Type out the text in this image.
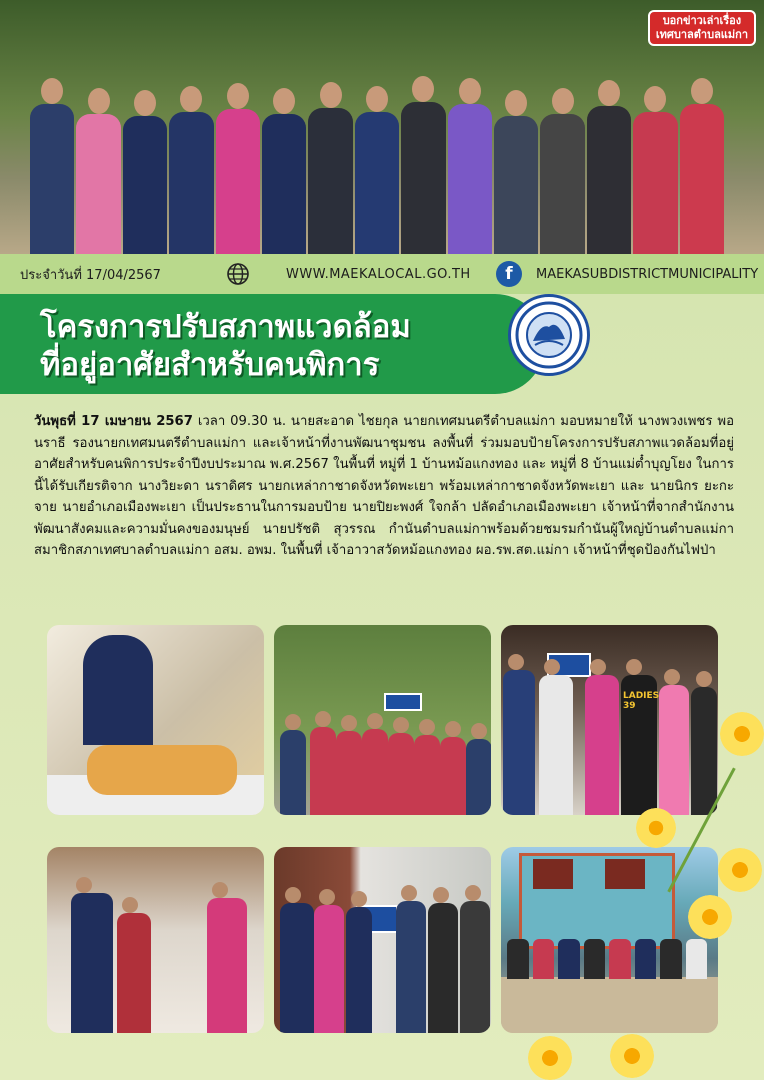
บอกข่าวเล่าเรื่อง
เทศบาลตำบลแม่กา
ประจำวันที่ 17/04/2567	WWW.MAEKALOCAL.GO.TH	f	MAEKASUBDISTRICTMUNICIPALITY
โครงการปรับสภาพแวดล้อม
ที่อยู่อาศัยสำหรับคนพิการ
วันพุธที่ 17 เมษายน 2567 เวลา 09.30 น. นายสะอาด ไชยกุล นายกเทศมนตรีตำบลแม่กา มอบหมายให้ นางพวงเพชร พอนราธี รองนายกเทศมนตรีตำบลแม่กา และเจ้าหน้าที่งานพัฒนาชุมชน ลงพื้นที่ ร่วมมอบป้ายโครงการปรับสภาพแวดล้อมที่อยู่อาศัยสำหรับคนพิการประจำปีงบประมาณ พ.ศ.2567 ในพื้นที่ หมู่ที่ 1 บ้านหม้อแกงทอง และ หมู่ที่ 8 บ้านแม่ต๋ำบุญโยง ในการนี้ได้รับเกียรติจาก นางวิยะดา นราดิศร นายกเหล่ากาชาดจังหวัดพะเยา พร้อมเหล่ากาชาดจังหวัดพะเยา และ นายนิกร ยะกะจาย นายอำเภอเมืองพะเยา เป็นประธานในการมอบป้าย นายปิยะพงศ์ ใจกล้า ปลัดอำเภอเมืองพะเยา เจ้าหน้าที่จากสำนักงานพัฒนาสังคมและความมั่นคงของมนุษย์ นายปรัชติ สุวรรณ กำนันตำบลแม่กาพร้อมด้วยชมรมกำนันผู้ใหญ่บ้านตำบลแม่กา สมาชิกสภาเทศบาลตำบลแม่กา อสม. อพม. ในพื้นที่ เจ้าอาวาสวัดหม้อแกงทอง ผอ.รพ.สต.แม่กา เจ้าหน้าที่ชุดป้องกันไฟป่า
LADIES 39
